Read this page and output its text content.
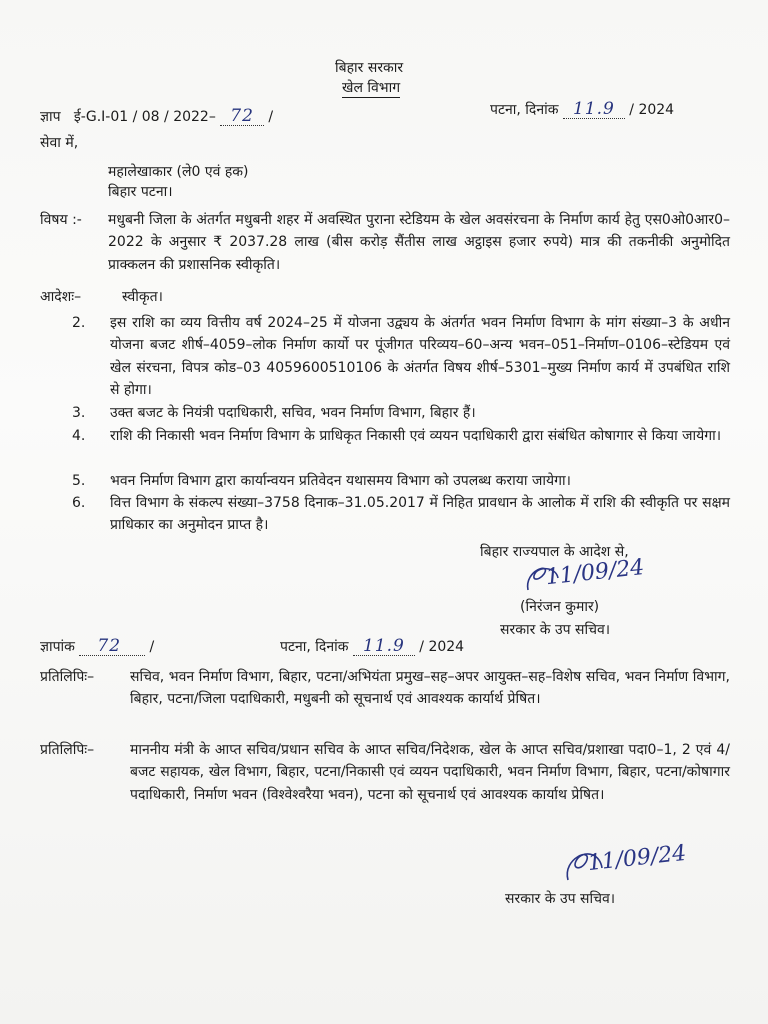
बिहार सरकार
खेल विभाग
ज्ञाप ई-G.I-01 / 08 / 2022– 72 /	पटना, दिनांक 11.9 / 2024
सेवा में,
महालेखाकार (ले0 एवं हक)
बिहार पटना।
विषय :- मधुबनी जिला के अंतर्गत मधुबनी शहर में अवस्थित पुराना स्टेडियम के खेल अवसंरचना के निर्माण कार्य हेतु एस0ओ0आर0–2022 के अनुसार ₹ 2037.28 लाख (बीस करोड़ सैंतीस लाख अट्ठाइस हजार रुपये) मात्र की तकनीकी अनुमोदित प्राक्कलन की प्रशासनिक स्वीकृति।
आदेशः–	स्वीकृत।
2. इस राशि का व्यय वित्तीय वर्ष 2024–25 में योजना उद्व्यय के अंतर्गत भवन निर्माण विभाग के मांग संख्या–3 के अधीन योजना बजट शीर्ष–4059–लोक निर्माण कार्यो पर पूंजीगत परिव्यय–60–अन्य भवन–051–निर्माण–0106–स्टेडियम एवं खेल संरचना, विपत्र कोड–03 4059600510106 के अंतर्गत विषय शीर्ष–5301–मुख्य निर्माण कार्य में उपबंधित राशि से होगा।
3. उक्त बजट के नियंत्री पदाधिकारी, सचिव, भवन निर्माण विभाग, बिहार हैं।
4. राशि की निकासी भवन निर्माण विभाग के प्राधिकृत निकासी एवं व्ययन पदाधिकारी द्वारा संबंधित कोषागार से किया जायेगा।
5. भवन निर्माण विभाग द्वारा कार्यान्वयन प्रतिवेदन यथासमय विभाग को उपलब्ध कराया जायेगा।
6. वित्त विभाग के संकल्प संख्या–3758 दिनाक–31.05.2017 में निहित प्रावधान के आलोक में राशि की स्वीकृति पर सक्षम प्राधिकार का अनुमोदन प्राप्त है।
बिहार राज्यपाल के आदेश से,
11/09/24
(निरंजन कुमार)
सरकार के उप सचिव।
ज्ञापांक 72 /	पटना, दिनांक 11.9 / 2024
प्रतिलिपिः–	सचिव, भवन निर्माण विभाग, बिहार, पटना/अभियंता प्रमुख–सह–अपर आयुक्त–सह–विशेष सचिव, भवन निर्माण विभाग, बिहार, पटना/जिला पदाधिकारी, मधुबनी को सूचनार्थ एवं आवश्यक कार्यार्थ प्रेषित।
प्रतिलिपिः–	माननीय मंत्री के आप्त सचिव/प्रधान सचिव के आप्त सचिव/निदेशक, खेल के आप्त सचिव/प्रशाखा पदा0–1, 2 एवं 4/बजट सहायक, खेल विभाग, बिहार, पटना/निकासी एवं व्ययन पदाधिकारी, भवन निर्माण विभाग, बिहार, पटना/कोषागार पदाधिकारी, निर्माण भवन (विश्वेश्वरैया भवन), पटना को सूचनार्थ एवं आवश्यक कार्याथ प्रेषित।
11/09/24
सरकार के उप सचिव।
